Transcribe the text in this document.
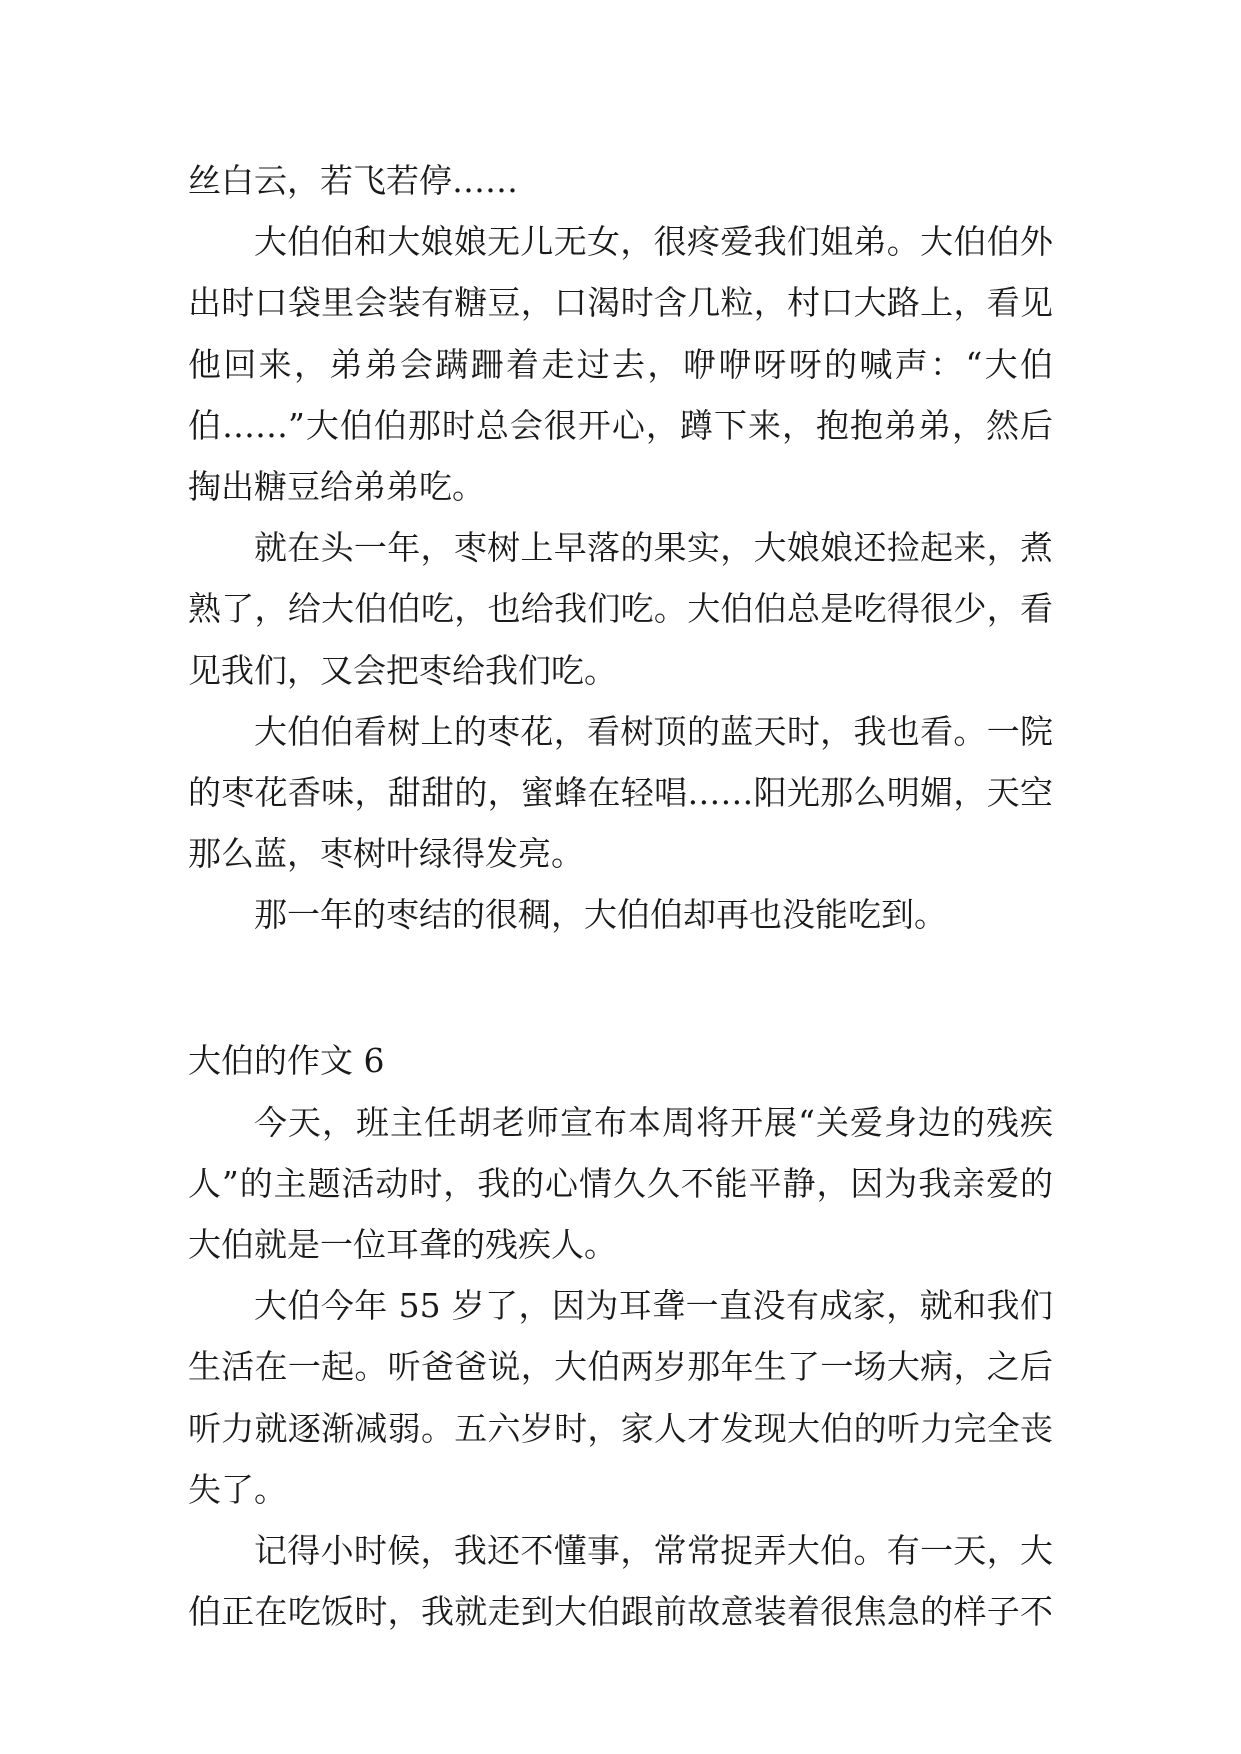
丝白云，若飞若停……
大伯伯和大娘娘无儿无女，很疼爱我们姐弟。大伯伯外
出时口袋里会装有糖豆，口渴时含几粒，村口大路上，看见
他回来，弟弟会蹒跚着走过去，咿咿呀呀的喊声：“大伯
伯……”大伯伯那时总会很开心，蹲下来，抱抱弟弟，然后
掏出糖豆给弟弟吃。
就在头一年，枣树上早落的果实，大娘娘还捡起来，煮
熟了，给大伯伯吃，也给我们吃。大伯伯总是吃得很少，看
见我们，又会把枣给我们吃。
大伯伯看树上的枣花，看树顶的蓝天时，我也看。一院
的枣花香味，甜甜的，蜜蜂在轻唱……阳光那么明媚，天空
那么蓝，枣树叶绿得发亮。
那一年的枣结的很稠，大伯伯却再也没能吃到。
大伯的作文 6
今天，班主任胡老师宣布本周将开展“关爱身边的残疾
人”的主题活动时，我的心情久久不能平静，因为我亲爱的
大伯就是一位耳聋的残疾人。
大伯今年 55 岁了，因为耳聋一直没有成家，就和我们
生活在一起。听爸爸说，大伯两岁那年生了一场大病，之后
听力就逐渐减弱。五六岁时，家人才发现大伯的听力完全丧
失了。
记得小时候，我还不懂事，常常捉弄大伯。有一天，大
伯正在吃饭时，我就走到大伯跟前故意装着很焦急的样子不
